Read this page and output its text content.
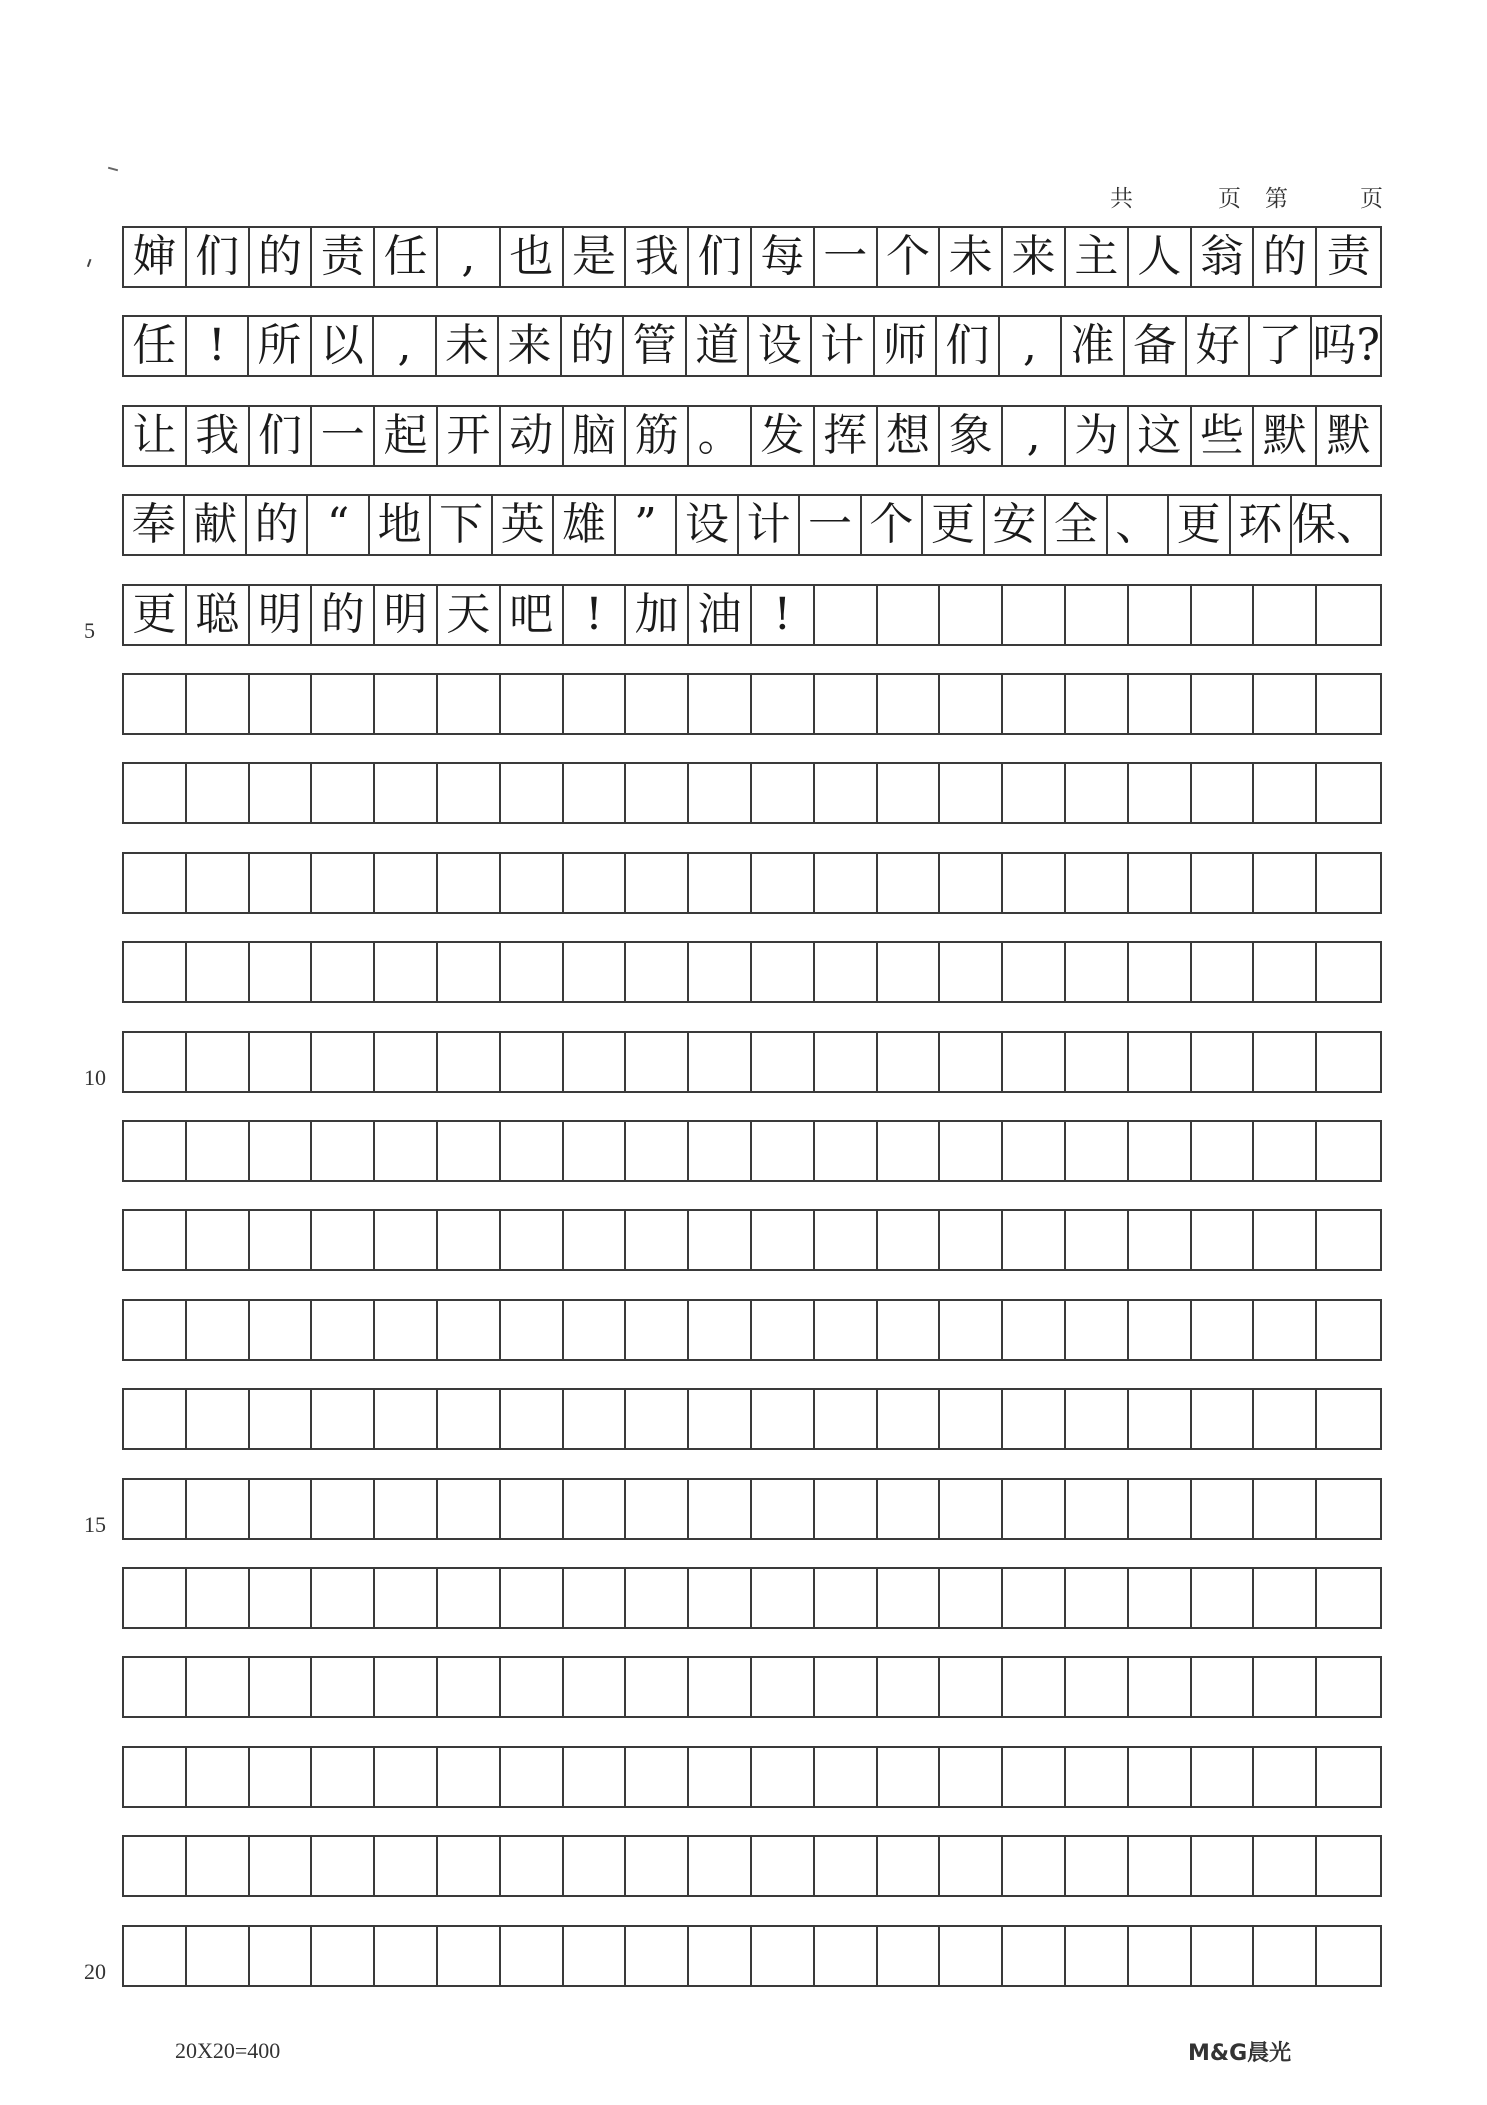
共	页 第	页
婶 们 的 责 任 , 也 是 我 们 每 一 个 未 来 主 人 翁 的 责
任 ! 所 以 , 未 来 的 管 道 设 计 师 们 , 准 备 好 了 吗?
让 我 们 一 起 开 动 脑 筋 。 发 挥 想 象 , 为 这 些 默 默
奉 献 的 “ 地 下 英 雄 ” 设 计 一 个 更 安 全 、 更 环 保、
更 聪 明 的 明 天 吧 ! 加 油 !
5
10
15
20
20X20=400	M&G晨光
